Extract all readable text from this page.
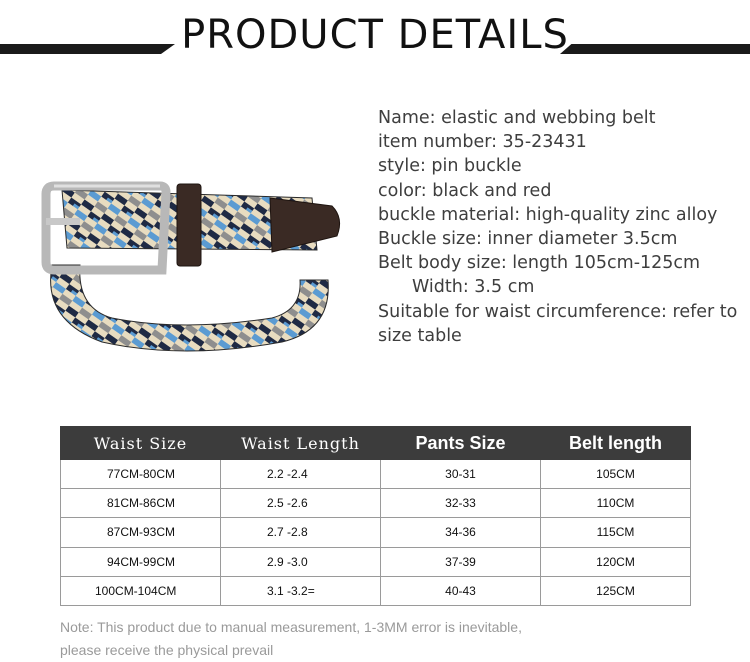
PRODUCT DETAILS
Name: elastic and webbing belt
item number: 35-23431
style: pin buckle
color: black and red
buckle material: high-quality zinc alloy
Buckle size: inner diameter 3.5cm
Belt body size: length 105cm-125cm
Width: 3.5 cm
Suitable for waist circumference: refer to size table
Waist Size	Waist Length	Pants Size	Belt length
77CM-80CM	2.2 -2.4	30-31	105CM
81CM-86CM	2.5 -2.6	32-33	110CM
87CM-93CM	2.7 -2.8	34-36	115CM
94CM-99CM	2.9 -3.0	37-39	120CM
100CM-104CM	3.1 -3.2=	40-43	125CM
Note: This product due to manual measurement, 1-3MM error is inevitable,
please receive the physical prevail
